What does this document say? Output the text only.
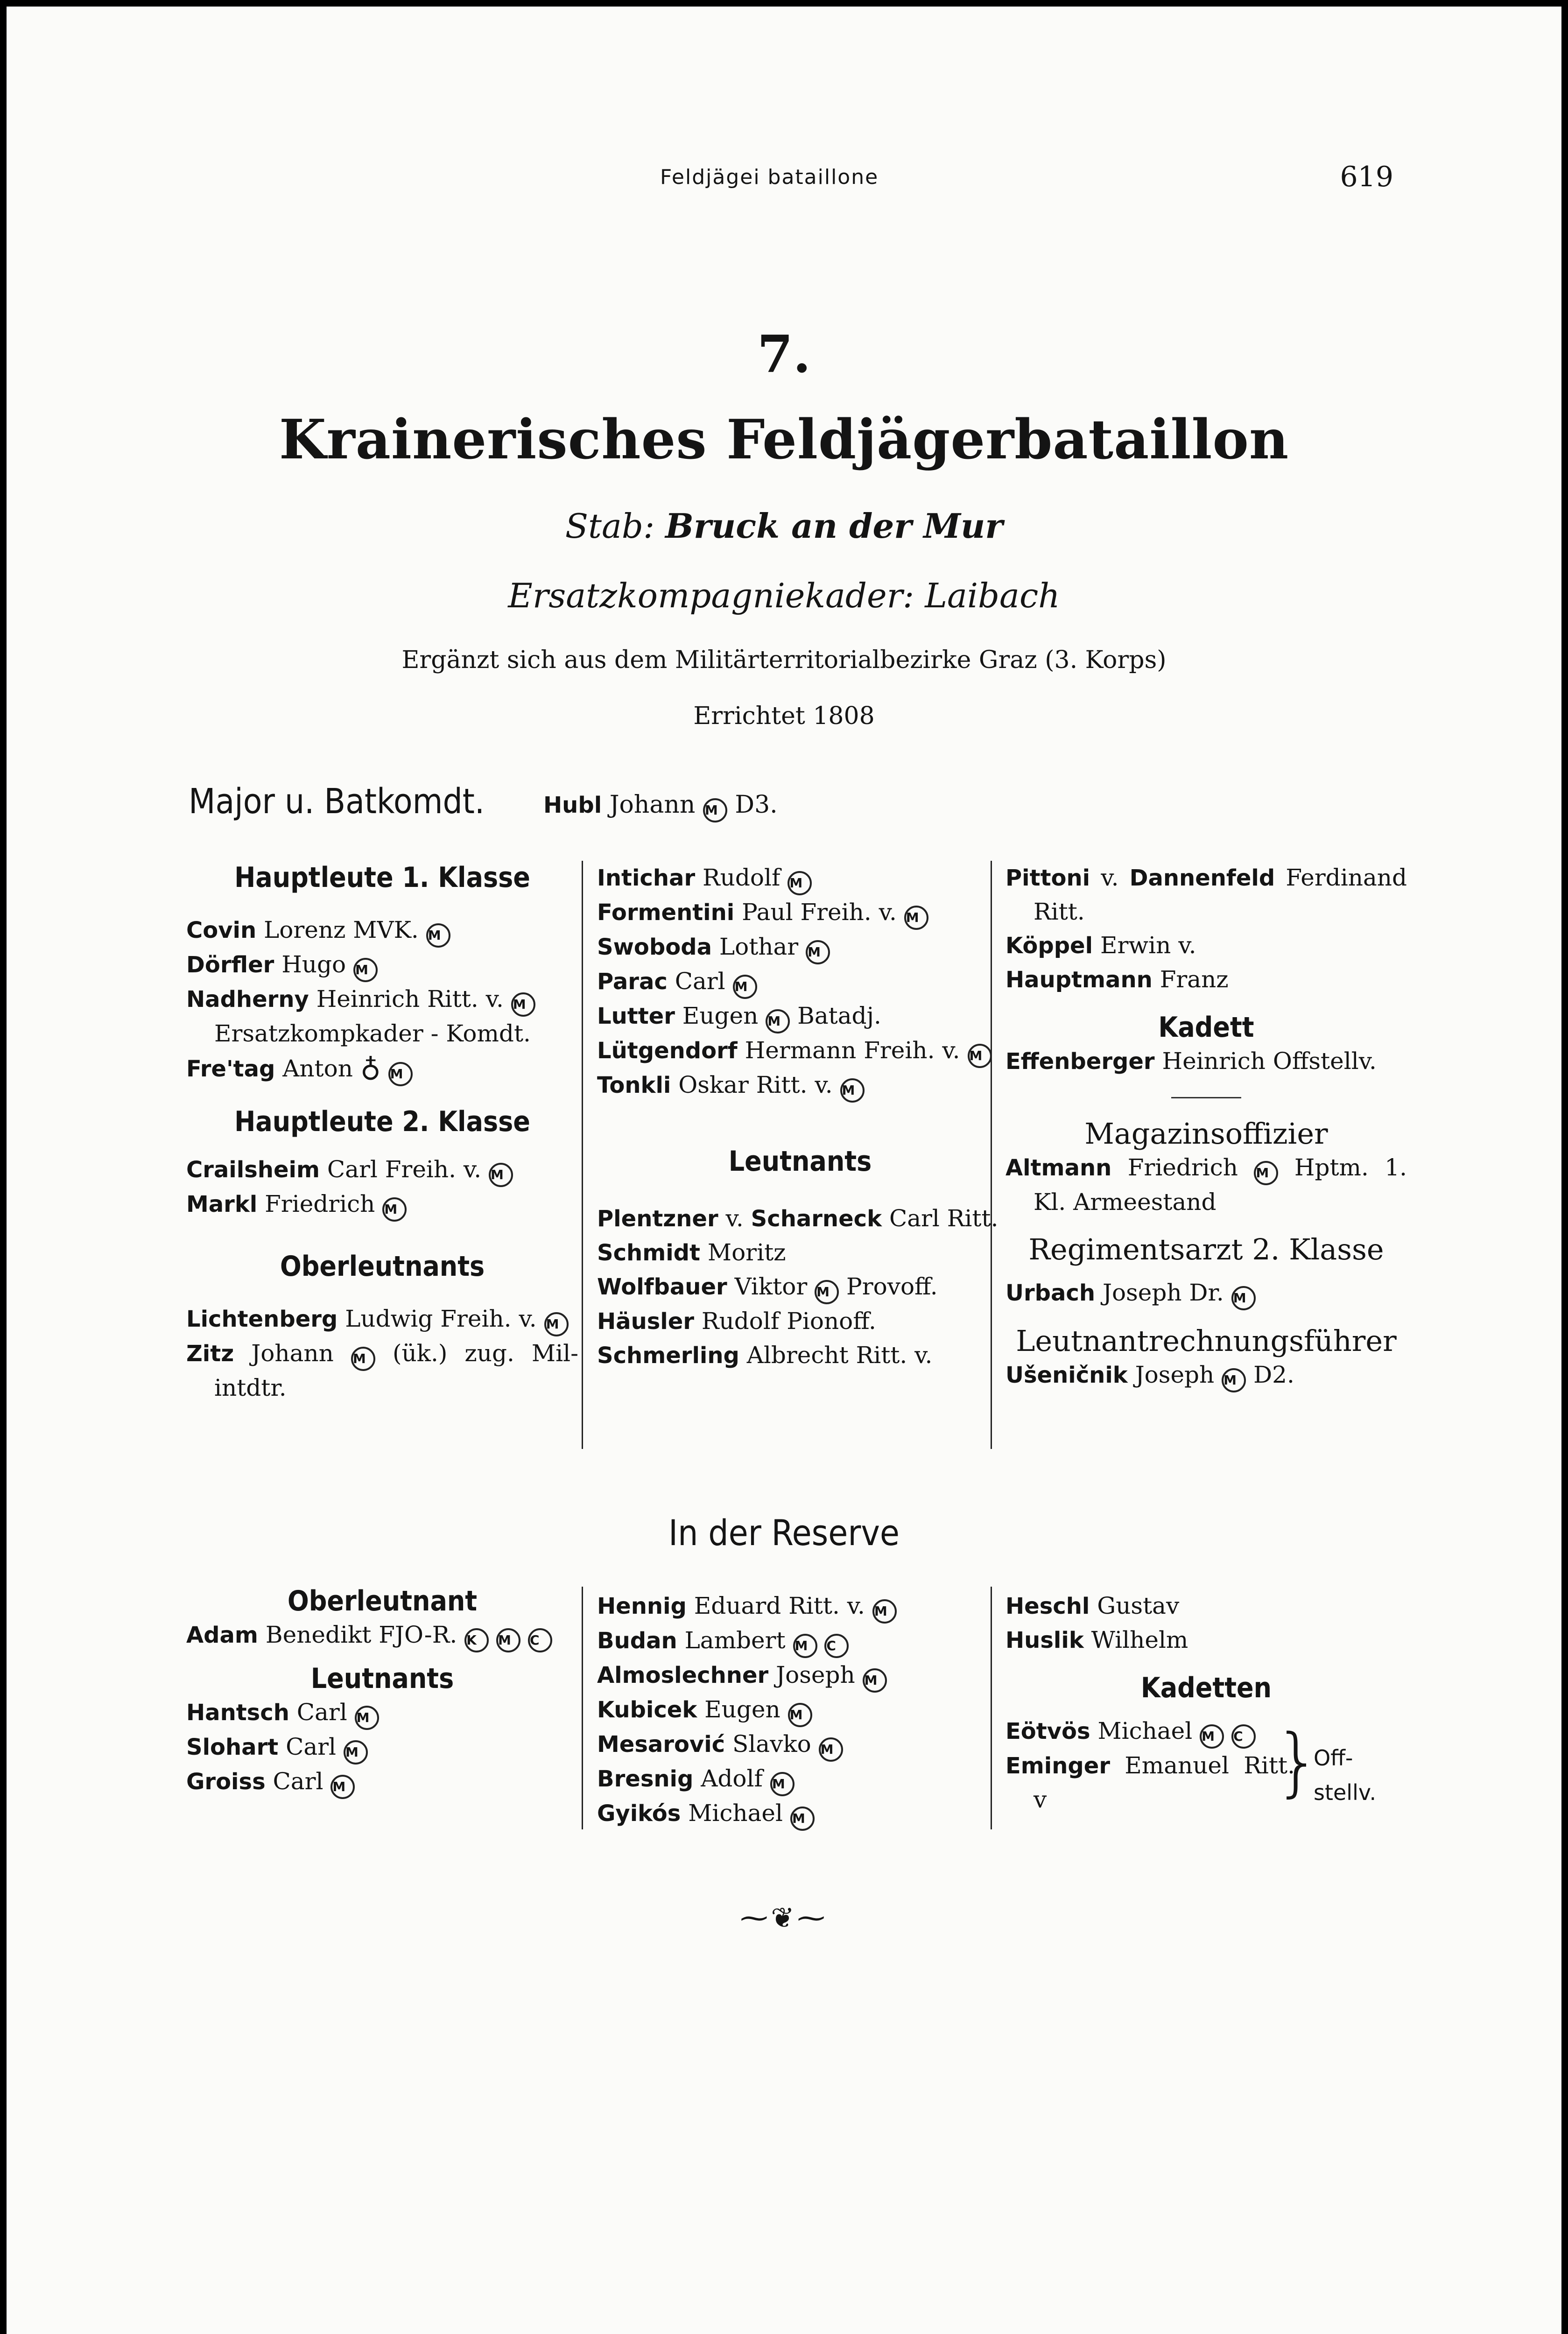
Feldjägei bataillone	619
7.
Krainerisches Feldjägerbataillon
Stab: Bruck an der Mur
Ersatzkompagniekader: Laibach
Ergänzt sich aus dem Militärterritorialbezirke Graz (3. Korps)
Errichtet 1808
Major u. Batkomdt.	Hubl Johann M D3.

Hauptleute 1. Klasse

Covin Lorenz MVK. M

Dörfler Hugo M

Nadherny Heinrich Ritt. v. M
Ersatzkompkader - Komdt.

Fre'tag Anton ♁ M

Hauptleute 2. Klasse

Crailsheim Carl Freih. v. M

Markl Friedrich M

Oberleutnants

Lichtenberg Ludwig Freih. v. M

Zitz Johann M (ük.) zug. Mil-intdtr.

Intichar Rudolf M

Formentini Paul Freih. v. M

Swoboda Lothar M

Parac Carl M

Lutter Eugen M Batadj.

Lütgendorf Hermann Freih. v. M

Tonkli Oskar Ritt. v. M

Leutnants

Plentzner v. Scharneck Carl Ritt.

Schmidt Moritz

Wolfbauer Viktor M Provoff.

Häusler Rudolf Pionoff.

Schmerling Albrecht Ritt. v.

Pittoni v. Dannenfeld Ferdinand Ritt.

Köppel Erwin v.

Hauptmann Franz

Kadett

Effenberger Heinrich Offstellv.

Magazinsoffizier

Altmann Friedrich M Hptm. 1. Kl. Armeestand

Regimentsarzt 2. Klasse

Urbach Joseph Dr. M

Leutnantrechnungsführer

Ušeničnik Joseph M D2.

In der Reserve

Oberleutnant

Adam Benedikt FJO-R. K M C

Leutnants

Hantsch Carl M

Slohart Carl M

Groiss Carl M

Hennig Eduard Ritt. v. M

Budan Lambert M C

Almoslechner Joseph M

Kubicek Eugen M

Mesarović Slavko M

Bresnig Adolf M

Gyikós Michael M

Heschl Gustav

Huslik Wilhelm

Kadetten

Eötvös Michael M C

Eminger Emanuel Ritt. v	}
Off-stellv.
⁓❦⁓
